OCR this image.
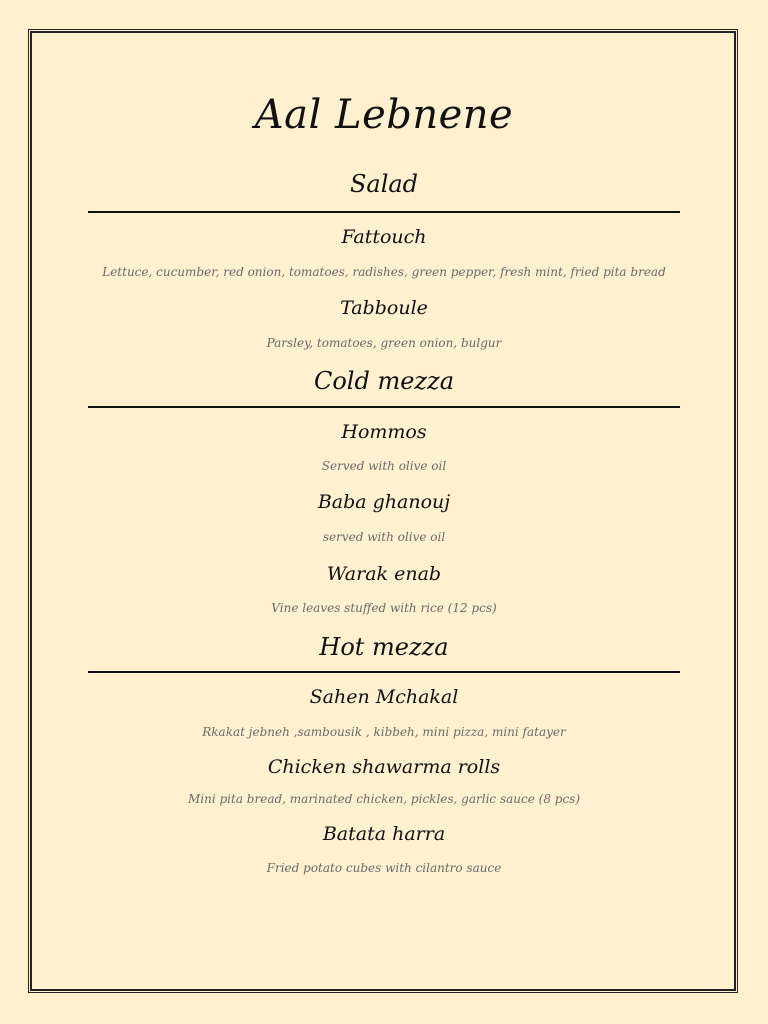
Aal Lebnene
Salad
Fattouch
Lettuce, cucumber, red onion, tomatoes, radishes, green pepper, fresh mint, fried pita bread
Tabboule
Parsley, tomatoes, green onion, bulgur
Cold mezza
Hommos
Served with olive oil
Baba ghanouj
served with olive oil
Warak enab
Vine leaves stuffed with rice (12 pcs)
Hot mezza
Sahen Mchakal
Rkakat jebneh ,sambousik , kibbeh, mini pizza, mini fatayer
Chicken shawarma rolls
Mini pita bread, marinated chicken, pickles, garlic sauce (8 pcs)
Batata harra
Fried potato cubes with cilantro sauce
